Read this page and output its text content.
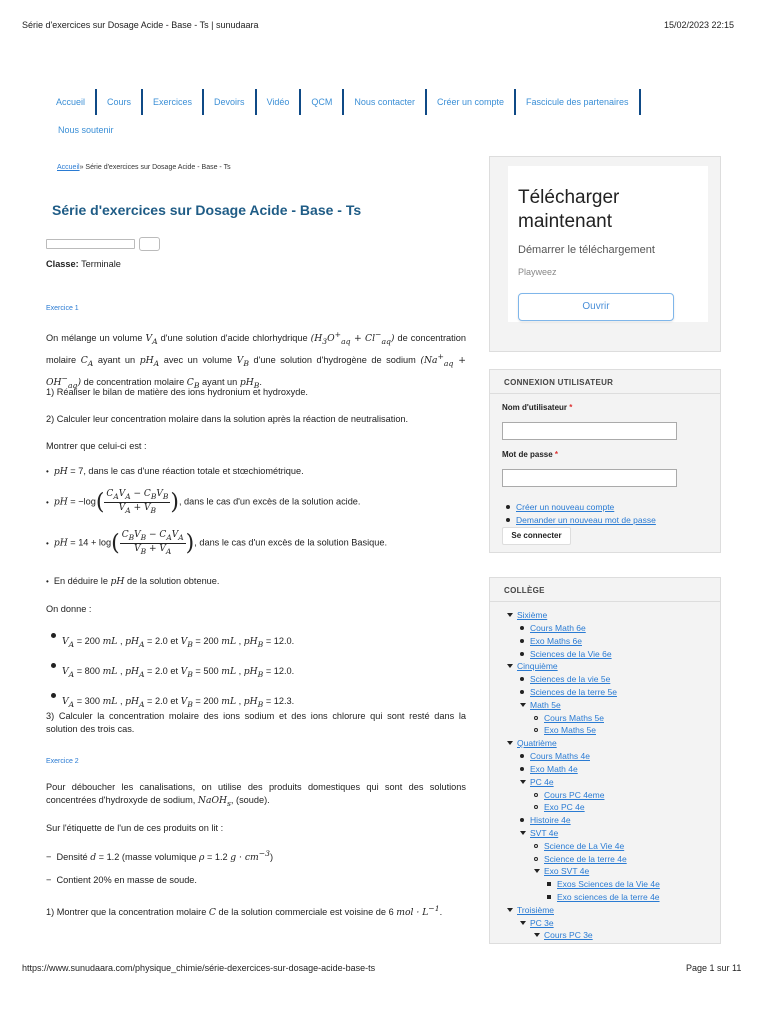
Série d'exercices sur Dosage Acide - Base - Ts | sunudaara	15/02/2023 22:15
Accueil	Cours	Exercices	Devoirs	Vidéo	QCM	Nous contacter	Créer un compte	Fascicule des partenaires
Nous soutenir
Accueil» Série d'exercices sur Dosage Acide - Base - Ts
Série d'exercices sur Dosage Acide - Base - Ts
Classe: Terminale
Exercice 1
On mélange un volume $V_A$ d'une solution d'acide chlorhydrique $(H_3O^+_{aq} + Cl^-_{aq})$ de concentration molaire $C_A$ ayant un $pH_A$ avec un volume $V_B$ d'une solution d'hydrogène de sodium $(Na^+_{aq} + OH^-_{aq})$ de concentration molaire $C_B$ ayant un $pH_B$.
1) Réaliser le bilan de matière des ions hydronium et hydroxyde.
2) Calculer leur concentration molaire dans la solution après la réaction de neutralisation.
Montrer que celui-ci est :
• pH = 7, dans le cas d'une réaction totale et stœchiométrique.
• pH = $-\log( \frac{C_AV_A - C_BV_B}{V_A + V_B}$ ), dans le cas d'un excès de la solution acide.
• pH = $14 + \log( \frac{C_BV_B - C_AV_A}{V_B + V_A}$ ), dans le cas d'un excès de la solution Basique.
• En déduire le pH de la solution obtenue.
On donne :
$V_A = 200$ mL , $pH_A = 2.0$ et $V_B = 200$ mL , $pH_B = 12.0$.
$V_A = 800$ mL , $pH_A = 2.0$ et $V_B = 500$ mL , $pH_B = 12.0$.
$V_A = 300$ mL , $pH_A = 2.0$ et $V_B = 200$ mL , $pH_B = 12.3$.
3) Calculer la concentration molaire des ions sodium et des ions chlorure qui sont resté dans la solution des trois cas.
Exercice 2
Pour déboucher les canalisations, on utilise des produits domestiques qui sont des solutions concentrées d'hydroxyde de sodium, NaOH$_s$, (soude).
Sur l'étiquette de l'un de ces produits on lit :
−  Densité d = 1.2 (masse volumique ρ = 1.2 $g \cdot cm^{-3}$)
−  Contient 20% en masse de soude.
1) Montrer que la concentration molaire C de la solution commerciale est voisine de 6 mol · $L^{-1}$.
Télécharger maintenant
Démarrer le téléchargement
Playweez
Ouvrir
CONNEXION UTILISATEUR
Nom d'utilisateur *
Mot de passe *
Créer un nouveau compte
Demander un nouveau mot de passe
Se connecter
COLLÈGE
Sixième
Cours Math 6e
Exo Maths 6e
Sciences de la Vie 6e
Cinquième
Sciences de la vie 5e
Sciences de la terre 5e
Math 5e
Cours Maths 5e
Exo Maths 5e
Quatrième
Cours Maths 4e
Exo Math 4e
PC 4e
Cours PC 4eme
Exo PC 4e
Histoire 4e
SVT 4e
Science de La Vie 4e
Science de la terre 4e
Exo SVT 4e
Exos Sciences de la Vie 4e
Exo sciences de la terre 4e
Troisième
PC 3e
Cours PC 3e
https://www.sunudaara.com/physique_chimie/série-dexercices-sur-dosage-acide-base-ts	Page 1 sur 11
